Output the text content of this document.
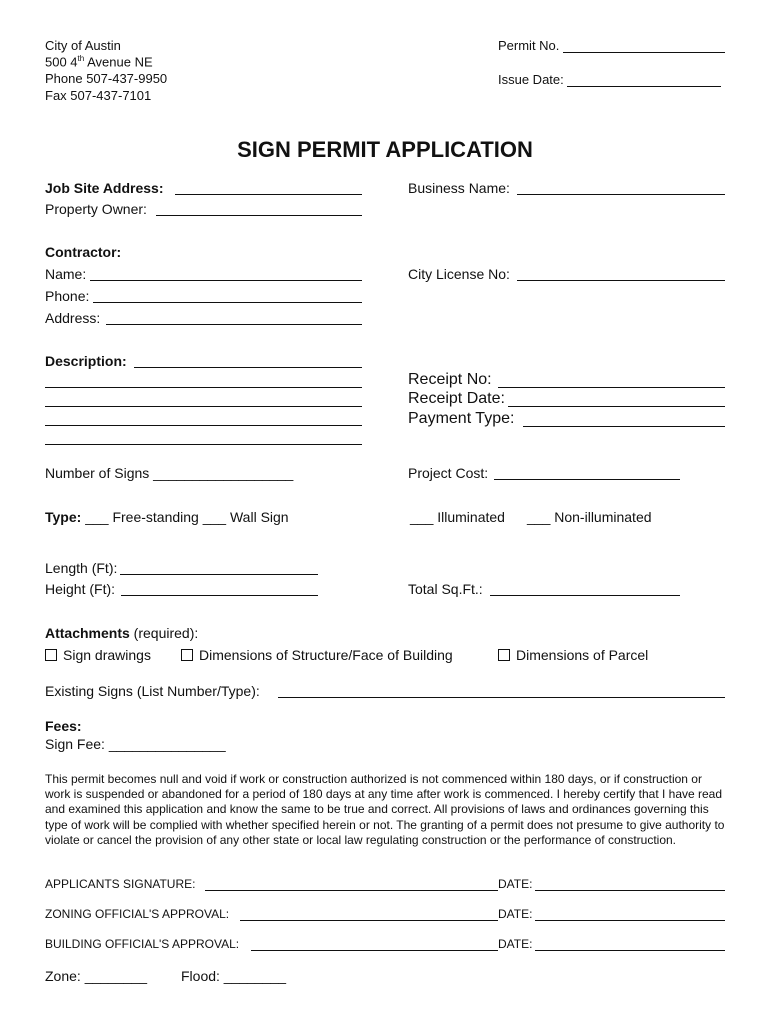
City of Austin
500 4th Avenue NE
Phone 507-437-9950
Fax 507-437-7101
Permit No.
Issue Date:
SIGN PERMIT APPLICATION
Job Site Address:	Business Name:
Property Owner:
Contractor:
Name:	City License No:
Phone:
Address:
Description:
Receipt No:
Receipt Date:
Payment Type:
Number of Signs __________________	Project Cost:
Type: ___ Free-standing ___ Wall Sign	___ Illuminated ___ Non-illuminated
Length (Ft):
Height (Ft):	Total Sq.Ft.:
Attachments (required):
Sign drawings	Dimensions of Structure/Face of Building	Dimensions of Parcel
Existing Signs (List Number/Type):
Fees:
Sign Fee: _______________
This permit becomes null and void if work or construction authorized is not commenced within 180 days, or if construction or work is suspended or abandoned for a period of 180 days at any time after work is commenced. I hereby certify that I have read and examined this application and know the same to be true and correct. All provisions of laws and ordinances governing this type of work will be complied with whether specified herein or not. The granting of a permit does not presume to give authority to violate or cancel the provision of any other state or local law regulating construction or the performance of construction.
APPLICANTS SIGNATURE:	DATE:
ZONING OFFICIAL'S APPROVAL:	DATE:
BUILDING OFFICIAL'S APPROVAL:	DATE:
Zone: ________ Flood: ________
